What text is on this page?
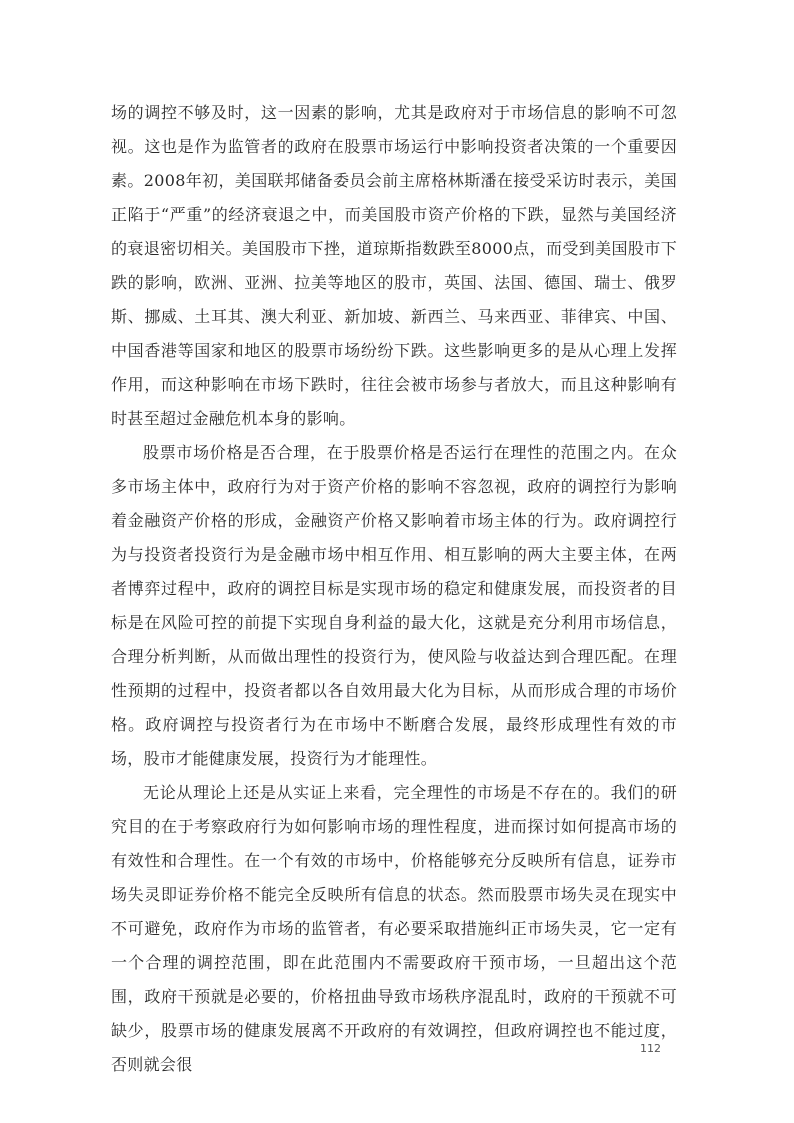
场的调控不够及时，这一因素的影响，尤其是政府对于市场信息的影响不可忽视。这也是作为监管者的政府在股票市场运行中影响投资者决策的一个重要因素。2008年初，美国联邦储备委员会前主席格林斯潘在接受采访时表示，美国正陷于“严重”的经济衰退之中，而美国股市资产价格的下跌，显然与美国经济的衰退密切相关。美国股市下挫，道琼斯指数跌至8000点，而受到美国股市下跌的影响，欧洲、亚洲、拉美等地区的股市，英国、法国、德国、瑞士、俄罗斯、挪威、土耳其、澳大利亚、新加坡、新西兰、马来西亚、菲律宾、中国、中国香港等国家和地区的股票市场纷纷下跌。这些影响更多的是从心理上发挥作用，而这种影响在市场下跌时，往往会被市场参与者放大，而且这种影响有时甚至超过金融危机本身的影响。

股票市场价格是否合理，在于股票价格是否运行在理性的范围之内。在众多市场主体中，政府行为对于资产价格的影响不容忽视，政府的调控行为影响着金融资产价格的形成，金融资产价格又影响着市场主体的行为。政府调控行为与投资者投资行为是金融市场中相互作用、相互影响的两大主要主体，在两者博弈过程中，政府的调控目标是实现市场的稳定和健康发展，而投资者的目标是在风险可控的前提下实现自身利益的最大化，这就是充分利用市场信息，合理分析判断，从而做出理性的投资行为，使风险与收益达到合理匹配。在理性预期的过程中，投资者都以各自效用最大化为目标，从而形成合理的市场价格。政府调控与投资者行为在市场中不断磨合发展，最终形成理性有效的市场，股市才能健康发展，投资行为才能理性。

无论从理论上还是从实证上来看，完全理性的市场是不存在的。我们的研究目的在于考察政府行为如何影响市场的理性程度，进而探讨如何提高市场的有效性和合理性。在一个有效的市场中，价格能够充分反映所有信息，证券市场失灵即证券价格不能完全反映所有信息的状态。然而股票市场失灵在现实中不可避免，政府作为市场的监管者，有必要采取措施纠正市场失灵，它一定有一个合理的调控范围，即在此范围内不需要政府干预市场，一旦超出这个范围，政府干预就是必要的，价格扭曲导致市场秩序混乱时，政府的干预就不可缺少，股票市场的健康发展离不开政府的有效调控，但政府调控也不能过度，否则就会很

112
